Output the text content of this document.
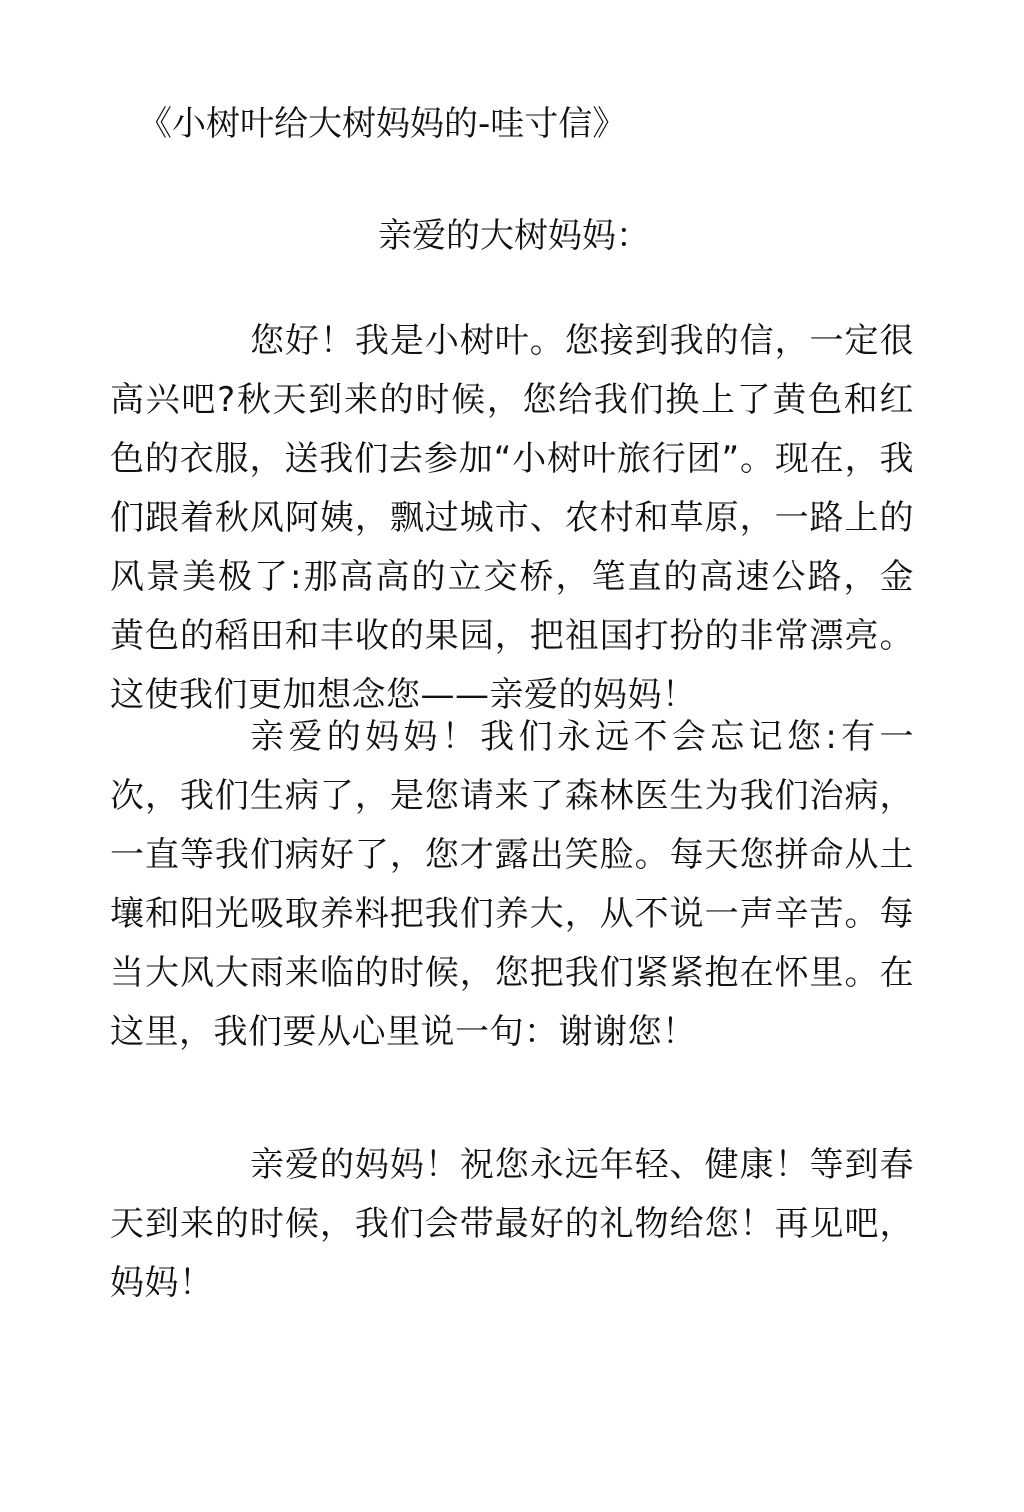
《小树叶给大树妈妈的-哇寸信》
亲爱的大树妈妈：

您好！我是小树叶。您接到我的信，一定很高兴吧?秋天到来的时候，您给我们换上了黄色和红色的衣服，送我们去参加“小树叶旅行团”。现在，我们跟着秋风阿姨，飘过城市、农村和草原，一路上的风景美极了:那高高的立交桥，笔直的高速公路，金黄色的稻田和丰收的果园，把祖国打扮的非常漂亮。这使我们更加想念您——亲爱的妈妈！

亲爱的妈妈！我们永远不会忘记您:有一次，我们生病了，是您请来了森林医生为我们治病，一直等我们病好了，您才露出笑脸。每天您拼命从土壤和阳光吸取养料把我们养大，从不说一声辛苦。每当大风大雨来临的时候，您把我们紧紧抱在怀里。在这里，我们要从心里说一句：谢谢您！

亲爱的妈妈！祝您永远年轻、健康！等到春天到来的时候，我们会带最好的礼物给您！再见吧，妈妈！
